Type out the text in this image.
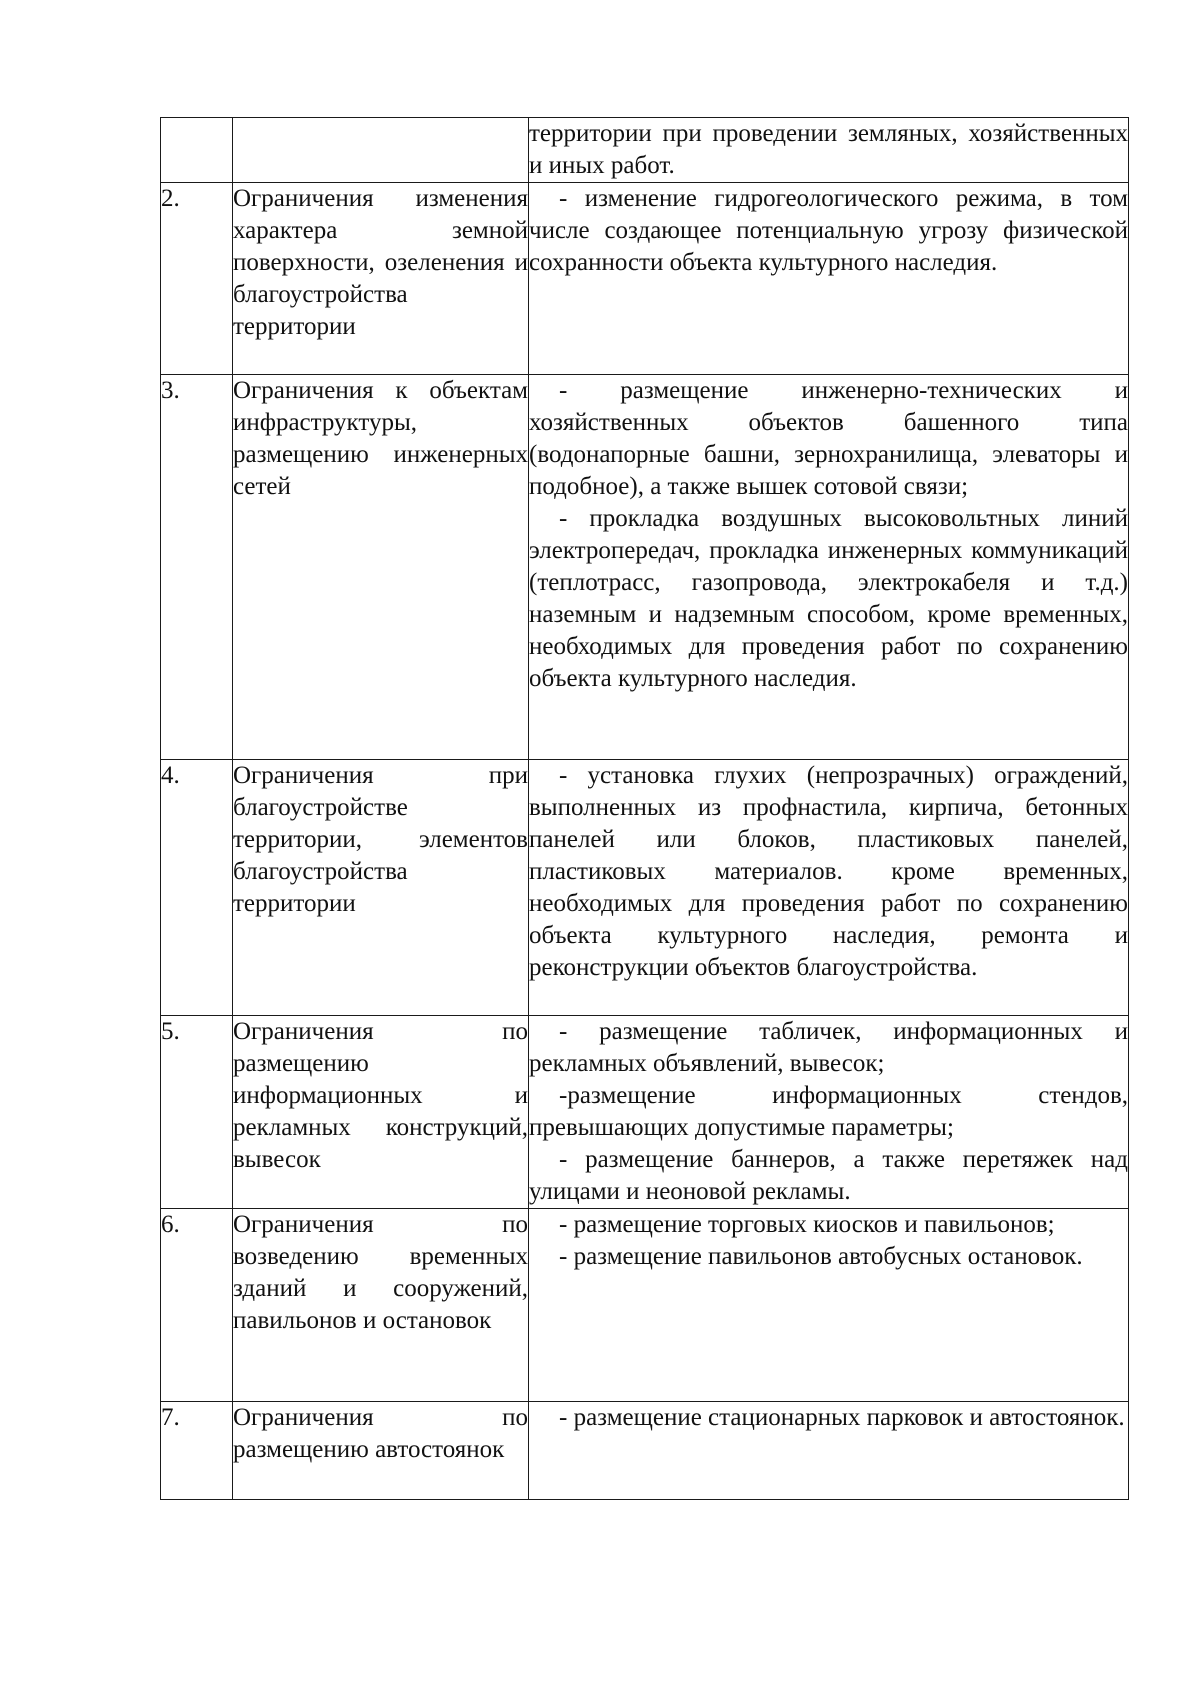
		территории при проведении земляных, хозяйственных и иных работ.

2.	Ограничения изменения характера земной поверхности, озеленения и благоустройства территории	- изменение гидрогеологического режима, в том числе создающее потенциальную угрозу физической сохранности объекта культурного наследия.

3.	Ограничения к объектам инфраструктуры, размещению инженерных сетей	- размещение инженерно-технических и хозяйственных объектов башенного типа (водонапорные башни, зернохранилища, элеваторы и подобное), а также вышек сотовой связи;

- прокладка воздушных высоковольтных линий электропередач, прокладка инженерных коммуникаций (теплотрасс, газопровода, электрокабеля и т.д.) наземным и надземным способом, кроме временных, необходимых для проведения работ по сохранению объекта культурного наследия.

4.	Ограничения при благоустройстве территории, элементов благоустройства территории	- установка глухих (непрозрачных) ограждений, выполненных из профнастила, кирпича, бетонных панелей или блоков, пластиковых панелей, пластиковых материалов. кроме временных, необходимых для проведения работ по сохранению объекта культурного наследия, ремонта и реконструкции объектов благоустройства.

5.	Ограничения по размещению информационных и рекламных конструкций, вывесок	- размещение табличек, информационных и рекламных объявлений, вывесок;

-размещение информационных стендов, превышающих допустимые параметры;

- размещение баннеров, а также перетяжек над улицами и неоновой рекламы.

6.	Ограничения по возведению временных зданий и сооружений, павильонов и остановок	- размещение торговых киосков и павильонов;

- размещение павильонов автобусных остановок.

7.	Ограничения по размещению автостоянок	- размещение стационарных парковок и автостоянок.
